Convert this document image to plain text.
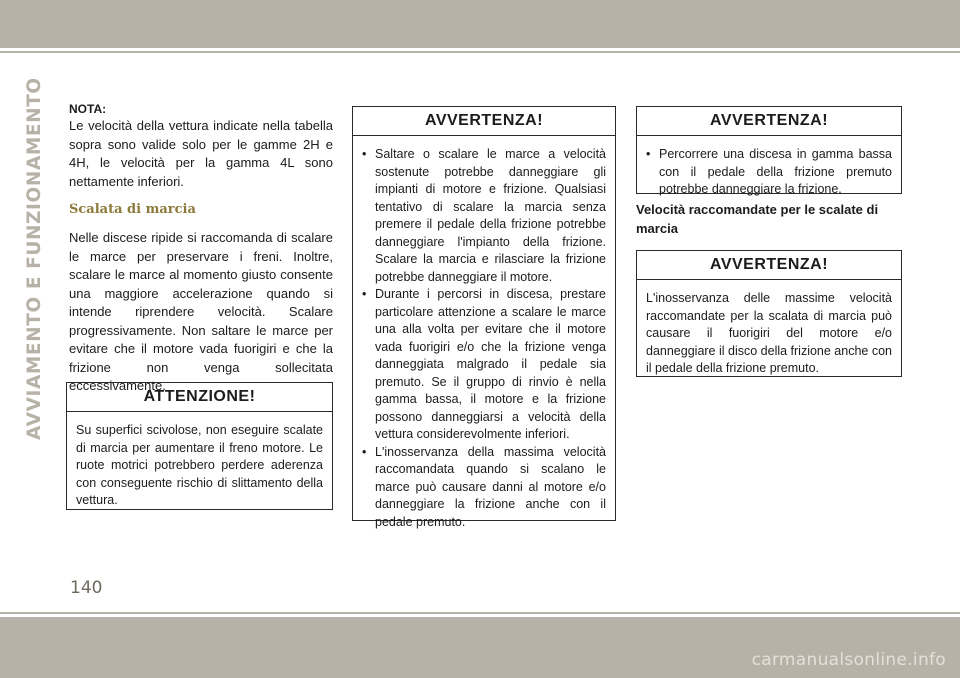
AVVIAMENTO E FUNZIONAMENTO NOTA:

Le velocità della vettura indicate nella tabella sopra sono valide solo per le gamme 2H e 4H, le velocità per la gamma 4L sono nettamente inferiori.

Scalata di marcia

Nelle discese ripide si raccomanda di scalare le marce per preservare i freni. Inoltre, scalare le marce al momento giusto consente una maggiore accelerazione quando si intende riprendere velocità. Scalare progressivamente. Non saltare le marce per evitare che il motore vada fuorigiri e che la frizione non venga sollecitata eccessivamente.

ATTENZIONE!
Su superfici scivolose, non eseguire scalate di marcia per aumentare il freno motore. Le ruote motrici potrebbero perdere aderenza con conseguente rischio di slittamento della vettura.
AVVERTENZA!
• Saltare o scalare le marce a velocità sostenute potrebbe danneggiare gli impianti di motore e frizione. Qualsiasi tentativo di scalare la marcia senza premere il pedale della frizione potrebbe danneggiare l'impianto della frizione. Scalare la marcia e rilasciare la frizione potrebbe danneggiare il motore.
• Durante i percorsi in discesa, prestare particolare attenzione a scalare le marce una alla volta per evitare che il motore vada fuorigiri e/o che la frizione venga danneggiata malgrado il pedale sia premuto. Se il gruppo di rinvio è nella gamma bassa, il motore e la frizione possono danneggiarsi a velocità della vettura considerevolmente inferiori.
• L'inosservanza della massima velocità raccomandata quando si scalano le marce può causare danni al motore e/o danneggiare la frizione anche con il pedale premuto.
AVVERTENZA!
• Percorrere una discesa in gamma bassa con il pedale della frizione premuto potrebbe danneggiare la frizione.
Velocità raccomandate per le scalate di marcia
AVVERTENZA!
L'inosservanza delle massime velocità raccomandate per la scalata di marcia può causare il fuorigiri del motore e/o danneggiare il disco della frizione anche con il pedale della frizione premuto.
140
carmanualsonline.info
